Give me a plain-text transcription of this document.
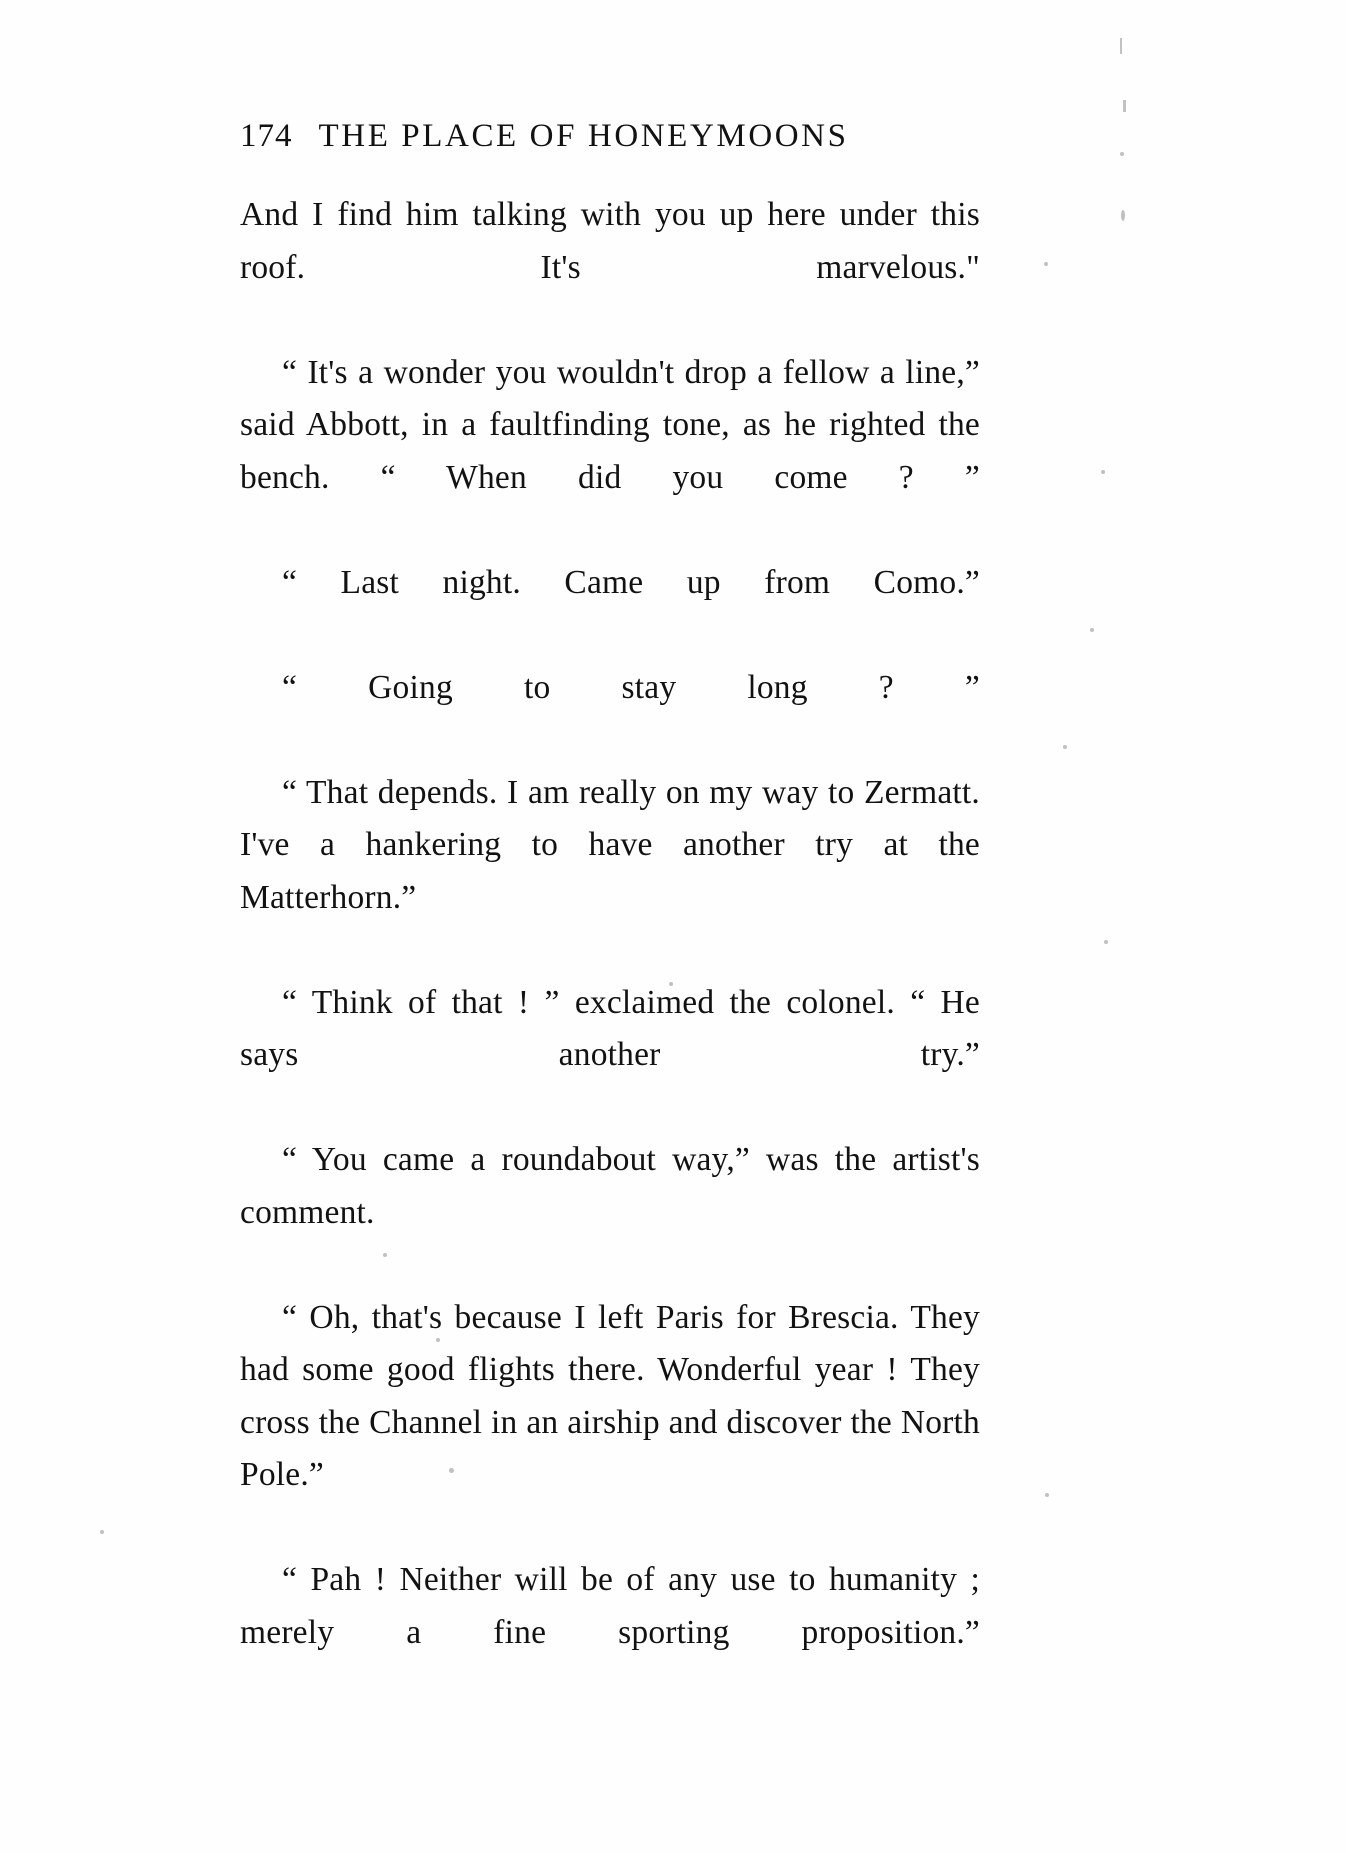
174 THE PLACE OF HONEYMOONS

And I find him talking with you up here under this roof. It's marvelous."

“ It's a wonder you wouldn't drop a fellow a line,” said Abbott, in a faultfinding tone, as he righted the bench. “ When did you come ? ”

“ Last night. Came up from Como.”

“ Going to stay long ? ”

“ That depends. I am really on my way to Zermatt. I've a hankering to have another try at the Matterhorn.”

“ Think of that ! ” exclaimed the colonel. “ He says another try.”

“ You came a roundabout way,” was the artist's comment.

“ Oh, that's because I left Paris for Brescia. They had some good flights there. Wonderful year ! They cross the Channel in an airship and discover the North Pole.”

“ Pah ! Neither will be of any use to humanity ; merely a fine sporting proposition.”
